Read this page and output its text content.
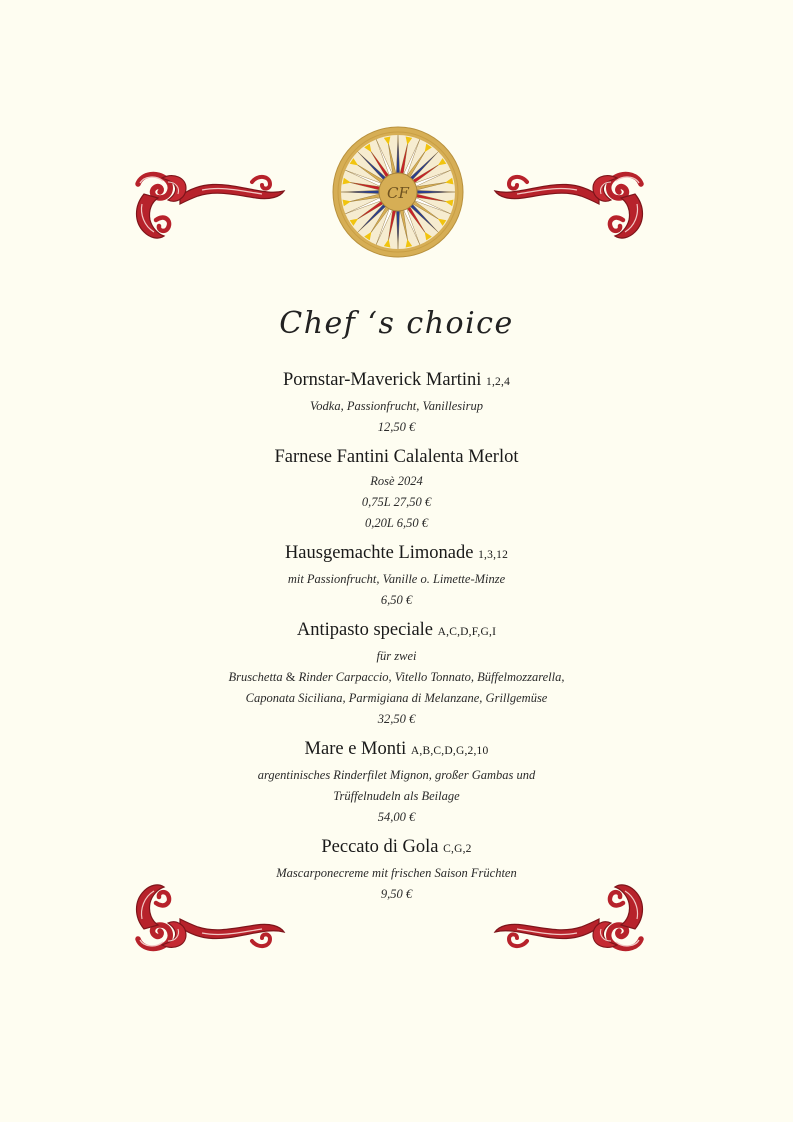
CF
Chef ‘s choice
Pornstar-Maverick Martini 1,2,4
Vodka, Passionfrucht, Vanillesirup
12,50 €
Farnese Fantini Calalenta Merlot
Rosè 2024
0,75L 27,50 €
0,20L 6,50 €
Hausgemachte Limonade 1,3,12
mit Passionfrucht, Vanille o. Limette-Minze
6,50 €
Antipasto speciale A,C,D,F,G,I
für zwei
Bruschetta & Rinder Carpaccio, Vitello Tonnato, Büffelmozzarella,
Caponata Siciliana, Parmigiana di Melanzane, Grillgemüse
32,50 €
Mare e Monti A,B,C,D,G,2,10
argentinisches Rinderfilet Mignon, großer Gambas und
Trüffelnudeln als Beilage
54,00 €
Peccato di Gola C,G,2
Mascarponecreme mit frischen Saison Früchten
9,50 €
